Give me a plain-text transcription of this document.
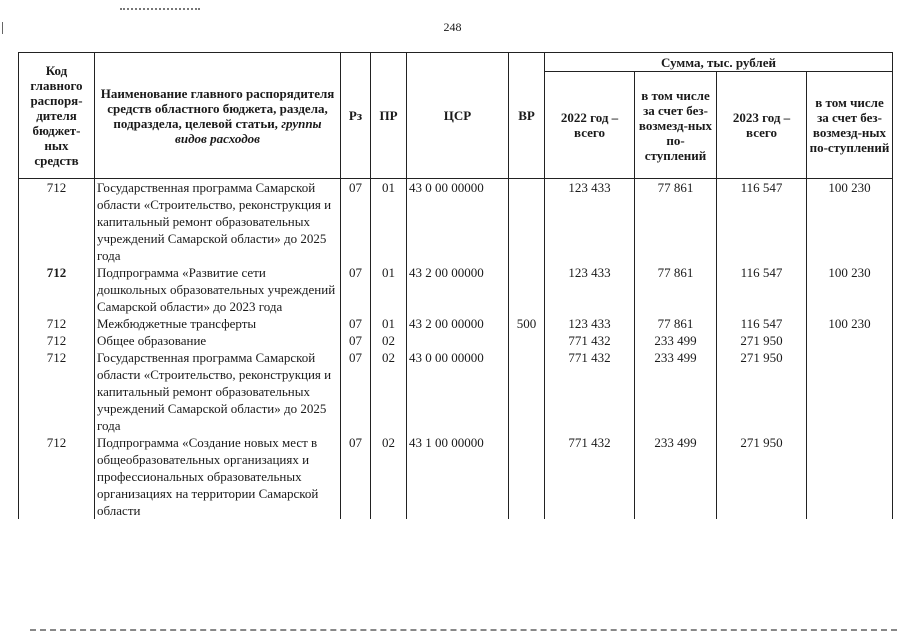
248
Код главного распоря-дителя бюджет-ных средств	Наименование главного распорядителя средств областного бюджета, раздела, подраздела, целевой статьи, группы видов расходов	Рз	ПР	ЦСР	ВР	Сумма, тыс. рублей			
						2022 год – всего	в том числе за счет без-возмезд-ных по-ступлений	2023 год – всего	в том числе за счет без-возмезд-ных по-ступлений
712	Государственная программа Самарской области «Строительство, реконструкция и капитальный ремонт образовательных учреждений Самарской области» до 2025 года	07	01	43 0 00 00000		123 433	77 861	116 547	100 230
712	Подпрограмма «Развитие сети дошкольных образовательных учреждений Самарской области» до 2023 года	07	01	43 2 00 00000		123 433	77 861	116 547	100 230
712	Межбюджетные трансферты	07	01	43 2 00 00000	500	123 433	77 861	116 547	100 230
712	Общее образование	07	02			771 432	233 499	271 950	
712	Государственная программа Самарской области «Строительство, реконструкция и капитальный ремонт образовательных учреждений Самарской области» до 2025 года	07	02	43 0 00 00000		771 432	233 499	271 950	
712	Подпрограмма «Создание новых мест в общеобразовательных организациях и профессиональных образовательных организациях на территории Самарской области	07	02	43 1 00 00000		771 432	233 499	271 950	
